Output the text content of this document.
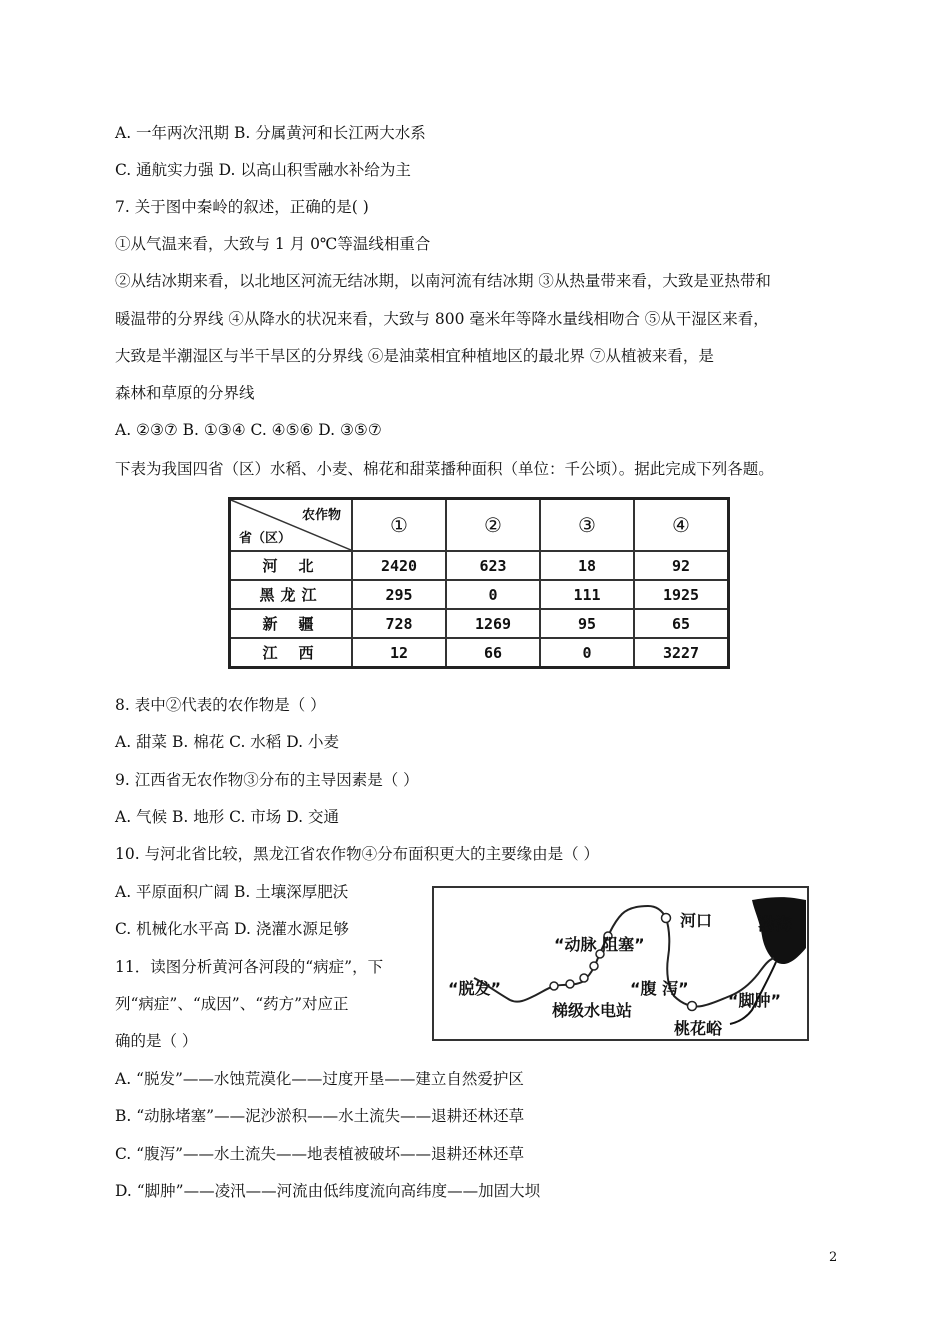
A. 一年两次汛期 B. 分属黄河和长江两大水系
C. 通航实力强 D. 以高山积雪融水补给为主
7. 关于图中秦岭的叙述，正确的是( )
①从气温来看，大致与 1 月 0℃等温线相重合
②从结冰期来看，以北地区河流无结冰期，以南河流有结冰期 ③从热量带来看，大致是亚热带和
暖温带的分界线 ④从降水的状况来看，大致与 800 毫米年等降水量线相吻合 ⑤从干湿区来看，
大致是半潮湿区与半干旱区的分界线 ⑥是油菜相宜种植地区的最北界 ⑦从植被来看，是
森林和草原的分界线
A. ②③⑦ B. ①③④ C. ④⑤⑥ D. ③⑤⑦
下表为我国四省（区）水稻、小麦、棉花和甜菜播种面积（单位：千公顷）。据此完成下列各题。
农作物
省（区）	①	②	③	④
河 北	2420	623	18	92
黑龙江	295	0	111	1925
新 疆	728	1269	95	65
江 西	12	66	0	3227
8. 表中②代表的农作物是（ ）
A. 甜菜 B. 棉花 C. 水稻 D. 小麦
9. 江西省无农作物③分布的主导因素是（ ）
A. 气候 B. 地形 C. 市场 D. 交通
10. 与河北省比较，黑龙江省农作物④分布面积更大的主要缘由是（ ）
A. 平原面积广阔 B. 土壤深厚肥沃
C. 机械化水平高 D. 浇灌水源足够
11．读图分析黄河各河段的“病症”，下
列“病症”、“成因”、“药方”对应正
确的是（ ）
A. “脱发”——水蚀荒漠化——过度开垦——建立自然爱护区
B. “动脉堵塞”——泥沙淤积——水土流失——退耕还林还草
C. “腹泻”——水土流失——地表植被破坏——退耕还林还草
D. “脚肿”——凌汛——河流由低纬度流向高纬度——加固大坝
河口	渤海
“动脉 阻塞”
“脱发”	“腹 泻”
“脚肿”
梯级水电站
桃花峪
2
